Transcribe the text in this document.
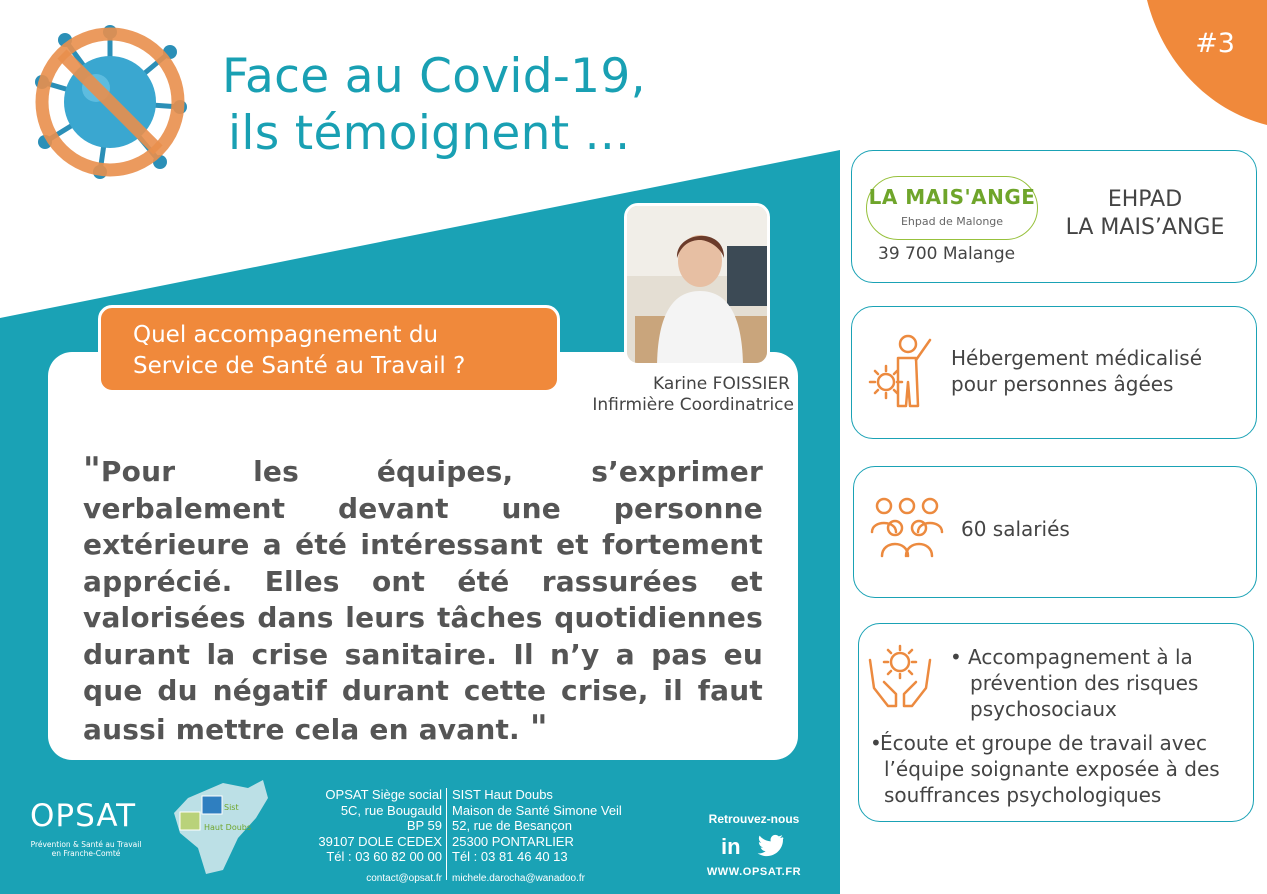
#3
Face au Covid-19,
ils témoignent ...
Quel accompagnement du
Service de Santé au Travail ?
"Pour les équipes, s’exprimer verbalement devant une personne extérieure a été intéressant et fortement apprécié. Elles ont été rassurées et valorisées dans leurs tâches quotidiennes durant la crise sanitaire. Il n’y a pas eu que du négatif durant cette crise, il faut aussi mettre cela en avant. "
Karine FOISSIER
Infirmière Coordinatrice
LA MAIS'ANGE
Ehpad de Malonge
39 700 Malange
EHPAD
LA MAIS’ANGE
Hébergement médicalisé
pour personnes âgées
60 salariés
• Accompagnement à la
prévention des risques
psychosociaux
•Écoute et groupe de travail avec
l’équipe soignante exposée à des
souffrances psychologiques
OPSAT
Prévention & Santé au Travail en Franche-Comté
Sist
Haut Doubs
OPSAT Siège social
5C, rue Bougauld
BP 59
39107 DOLE CEDEX
Tél : 03 60 82 00 00
contact@opsat.fr
SIST Haut Doubs
Maison de Santé Simone Veil
52, rue de Besançon
25300 PONTARLIER
Tél : 03 81 46 40 13
michele.darocha@wanadoo.fr
Retrouvez-nous
in
WWW.OPSAT.FR
